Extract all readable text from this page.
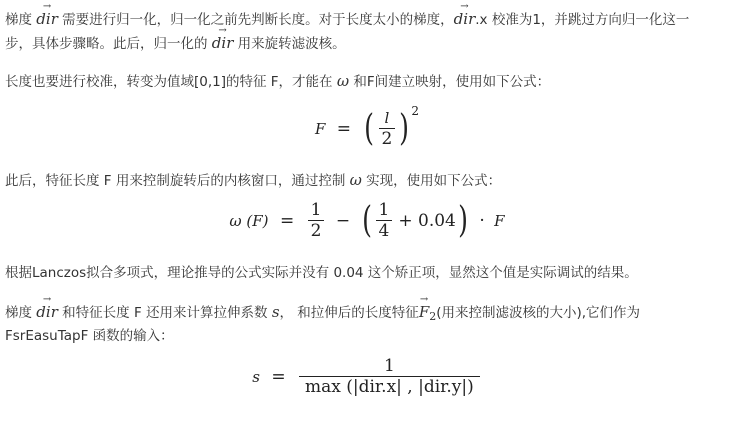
梯度
→
dir 需要进行归一化，归一化之前先判断长度。对于长度太小的梯度，
→
dir.x 校准为1，并跳过方向归一化这一
步，具体步骤略。此后，归一化的
→
dir 用来旋转滤波核。
长度也要进行校准，转变为值域[0,1]的特征 F，才能在 ω 和F间建立映射，使用如下公式：
F = ( $\frac{l}{2}$ ) $^2$
此后，特征长度 F 用来控制旋转后的内核窗口，通过控制 ω 实现，使用如下公式：
ω $(F) = \frac{1}{2}$ − ( $\frac{1}{4} + 0.04) \cdot F$
根据Lanczos拟合多项式，理论推导的公式实际并没有 0.04 这个矫正项，显然这个值是实际调试的结果。
梯度
→
dir 和特征长度 F 还用来计算拉伸系数 s， 和拉伸后的长度特征
→
$F_2$(用来控制滤波核的大小),它们作为
FsrEasuTapF 函数的输入：
$s = \frac{1}{\text{max (|dir.x| , |dir.y|)}}$
